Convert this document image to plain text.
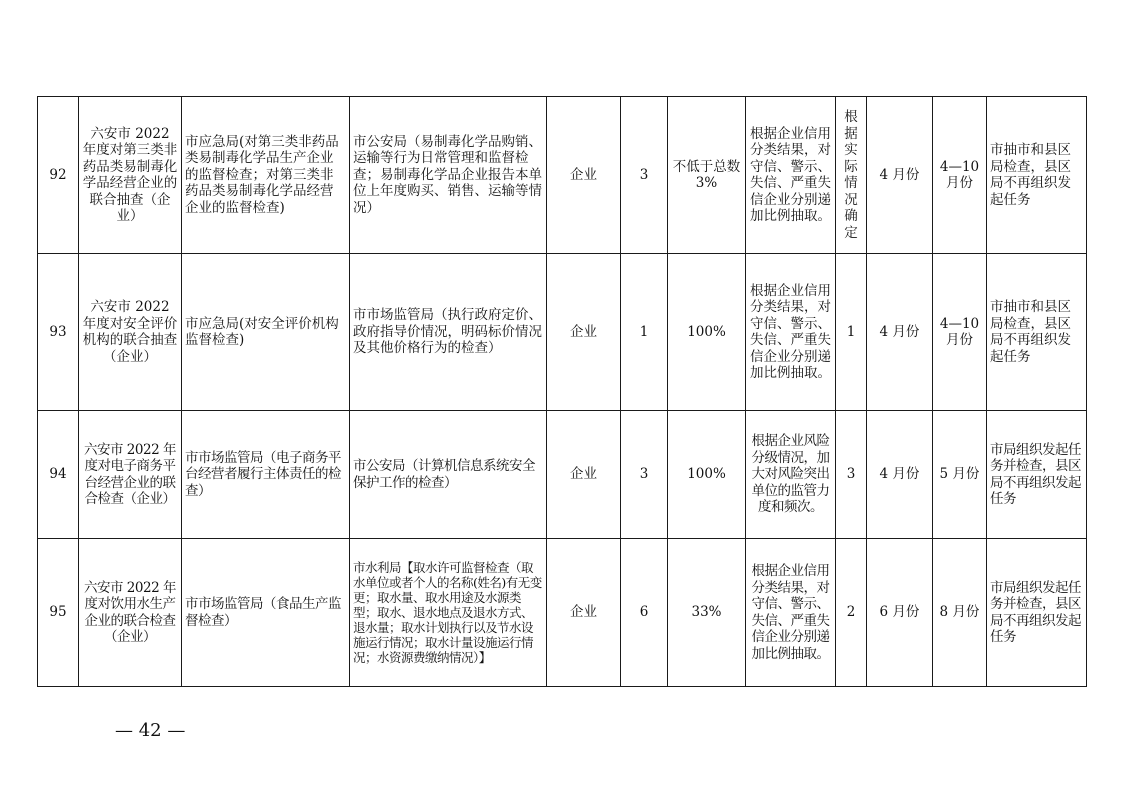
92	六安市 2022 年度对第三类非药品类易制毒化学品经营企业的联合抽查（企业）	市应急局(对第三类非药品类易制毒化学品生产企业的监督检查；对第三类非药品类易制毒化学品经营企业的监督检查)	市公安局（易制毒化学品购销、运输等行为日常管理和监督检查；易制毒化学品企业报告本单位上年度购买、销售、运输等情况）	企业	3	不低于总数 3%	根据企业信用分类结果，对守信、警示、失信、严重失信企业分别递加比例抽取。	根据实际情况确定	4 月份	4—10 月份	市抽市和县区局检查，县区局不再组织发起任务
93	六安市 2022 年度对安全评价机构的联合抽查（企业）	市应急局(对安全评价机构监督检查)	市市场监管局（执行政府定价、政府指导价情况，明码标价情况及其他价格行为的检查）	企业	1	100%	根据企业信用分类结果，对守信、警示、失信、严重失信企业分别递加比例抽取。	1	4 月份	4—10 月份	市抽市和县区局检查，县区局不再组织发起任务
94	六安市 2022 年度对电子商务平台经营企业的联合检查（企业）	市市场监管局（电子商务平台经营者履行主体责任的检查）	市公安局（计算机信息系统安全保护工作的检查）	企业	3	100%	根据企业风险分级情况，加大对风险突出单位的监管力度和频次。	3	4 月份	5 月份	市局组织发起任务并检查，县区局不再组织发起任务
95	六安市 2022 年度对饮用水生产企业的联合检查（企业）	市市场监管局（食品生产监督检查）	市水利局【取水许可监督检查（取水单位或者个人的名称(姓名)有无变更；取水量、取水用途及水源类型；取水、退水地点及退水方式、退水量；取水计划执行以及节水设施运行情况；取水计量设施运行情况；水资源费缴纳情况）】	企业	6	33%	根据企业信用分类结果，对守信、警示、失信、严重失信企业分别递加比例抽取。	2	6 月份	8 月份	市局组织发起任务并检查，县区局不再组织发起任务
— 42 —
